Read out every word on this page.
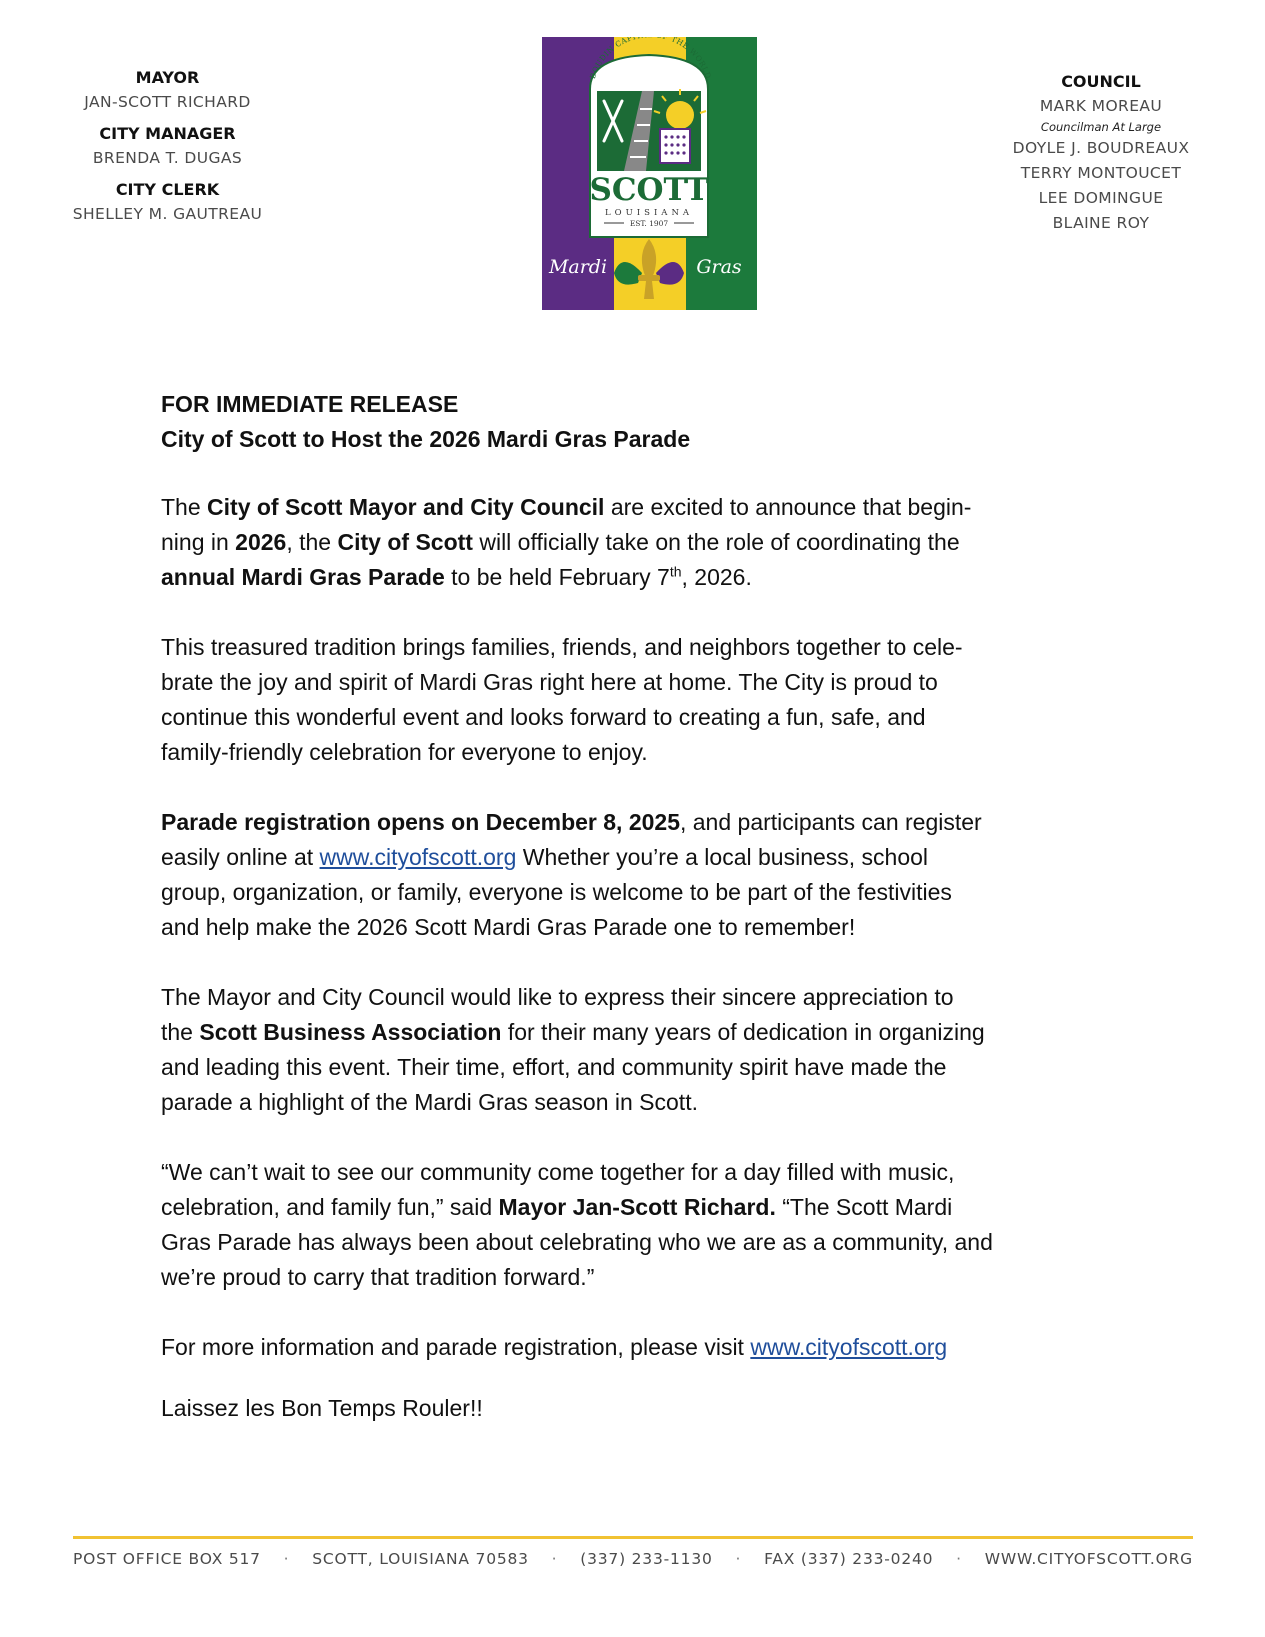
MAYOR
JAN-SCOTT RICHARD
CITY MANAGER
BRENDA T. DUGAS
CITY CLERK
SHELLEY M. GAUTREAU
BOUDIN CAP THE WORLD
SCOTT
LOUISIANA
EST. 1907
Mardi	Gras
COUNCIL
MARK MOREAU
Councilman At Large
DOYLE J. BOUDREAUX
TERRY MONTOUCET
LEE DOMINGUE
BLAINE ROY

FOR IMMEDIATE RELEASE

City of Scott to Host the 2026 Mardi Gras Parade

The City of Scott Mayor and City Council are excited to announce that begin-
ning in 2026, the City of Scott will officially take on the role of coordinating the
annual Mardi Gras Parade to be held February 7th, 2026.

This treasured tradition brings families, friends, and neighbors together to cele-
brate the joy and spirit of Mardi Gras right here at home. The City is proud to
continue this wonderful event and looks forward to creating a fun, safe, and
family-friendly celebration for everyone to enjoy.

Parade registration opens on December 8, 2025, and participants can register
easily online at www.cityofscott.org Whether you’re a local business, school
group, organization, or family, everyone is welcome to be part of the festivities
and help make the 2026 Scott Mardi Gras Parade one to remember!

The Mayor and City Council would like to express their sincere appreciation to
the Scott Business Association for their many years of dedication in organizing
and leading this event. Their time, effort, and community spirit have made the
parade a highlight of the Mardi Gras season in Scott.

“We can’t wait to see our community come together for a day filled with music,
celebration, and family fun,” said Mayor Jan-Scott Richard. “The Scott Mardi
Gras Parade has always been about celebrating who we are as a community, and
we’re proud to carry that tradition forward.”

For more information and parade registration, please visit www.cityofscott.org

Laissez les Bon Temps Rouler!!

POST OFFICE BOX 517 · SCOTT, LOUISIANA 70583 · (337) 233-1130 · FAX (337) 233-0240 · WWW.CITYOFSCOTT.ORG
